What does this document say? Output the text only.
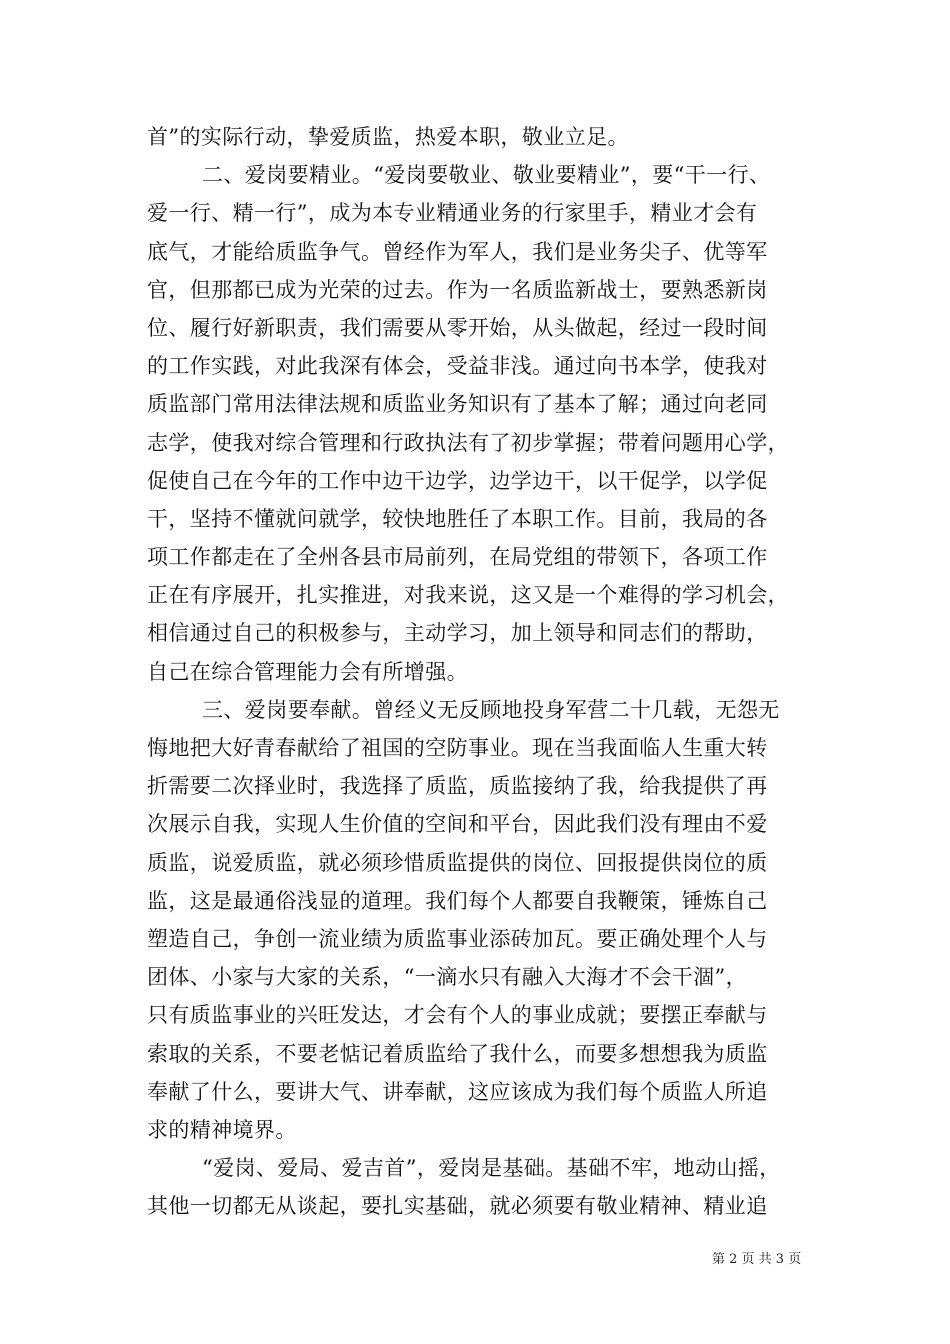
首”的实际行动，挚爱质监，热爱本职，敬业立足。
二、爱岗要精业。“爱岗要敬业、敬业要精业”，要“干一行、
爱一行、精一行”，成为本专业精通业务的行家里手，精业才会有
底气，才能给质监争气。曾经作为军人，我们是业务尖子、优等军
官，但那都已成为光荣的过去。作为一名质监新战士，要熟悉新岗
位、履行好新职责，我们需要从零开始，从头做起，经过一段时间
的工作实践，对此我深有体会，受益非浅。通过向书本学，使我对
质监部门常用法律法规和质监业务知识有了基本了解；通过向老同
志学，使我对综合管理和行政执法有了初步掌握；带着问题用心学，
促使自己在今年的工作中边干边学，边学边干，以干促学，以学促
干，坚持不懂就问就学，较快地胜任了本职工作。目前，我局的各
项工作都走在了全州各县市局前列，在局党组的带领下，各项工作
正在有序展开，扎实推进，对我来说，这又是一个难得的学习机会，
相信通过自己的积极参与，主动学习，加上领导和同志们的帮助，
自己在综合管理能力会有所增强。
三、爱岗要奉献。曾经义无反顾地投身军营二十几载，无怨无
悔地把大好青春献给了祖国的空防事业。现在当我面临人生重大转
折需要二次择业时，我选择了质监，质监接纳了我，给我提供了再
次展示自我，实现人生价值的空间和平台，因此我们没有理由不爱
质监，说爱质监，就必须珍惜质监提供的岗位、回报提供岗位的质
监，这是最通俗浅显的道理。我们每个人都要自我鞭策，锤炼自己
塑造自己，争创一流业绩为质监事业添砖加瓦。要正确处理个人与
团体、小家与大家的关系，“一滴水只有融入大海才不会干涸”，
只有质监事业的兴旺发达，才会有个人的事业成就；要摆正奉献与
索取的关系，不要老惦记着质监给了我什么，而要多想想我为质监
奉献了什么，要讲大气、讲奉献，这应该成为我们每个质监人所追
求的精神境界。
“爱岗、爱局、爱吉首”，爱岗是基础。基础不牢，地动山摇，
其他一切都无从谈起，要扎实基础，就必须要有敬业精神、精业追
第 2 页 共 3 页
